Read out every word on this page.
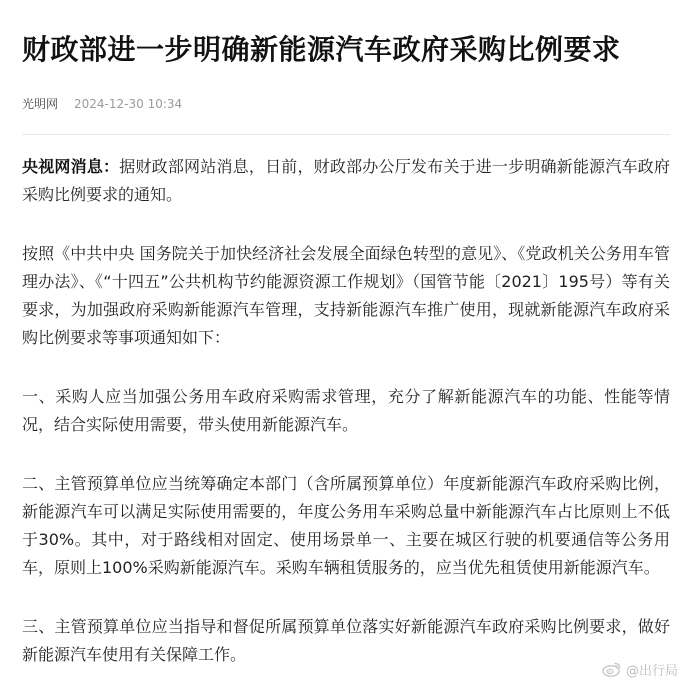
财政部进一步明确新能源汽车政府采购比例要求
光明网 2024-12-30 10:34

央视网消息：据财政部网站消息，日前，财政部办公厅发布关于进一步明确新能源汽车政府采购比例要求的通知。

按照《中共中央 国务院关于加快经济社会发展全面绿色转型的意见》、《党政机关公务用车管理办法》、《“十四五”公共机构节约能源资源工作规划》（国管节能〔2021〕195号）等有关要求，为加强政府采购新能源汽车管理，支持新能源汽车推广使用，现就新能源汽车政府采购比例要求等事项通知如下：

一、采购人应当加强公务用车政府采购需求管理，充分了解新能源汽车的功能、性能等情况，结合实际使用需要，带头使用新能源汽车。

二、主管预算单位应当统筹确定本部门（含所属预算单位）年度新能源汽车政府采购比例，新能源汽车可以满足实际使用需要的，年度公务用车采购总量中新能源汽车占比原则上不低于30%。其中，对于路线相对固定、使用场景单一、主要在城区行驶的机要通信等公务用车，原则上100%采购新能源汽车。采购车辆租赁服务的，应当优先租赁使用新能源汽车。

三、主管预算单位应当指导和督促所属预算单位落实好新能源汽车政府采购比例要求，做好新能源汽车使用有关保障工作。

@出行局
